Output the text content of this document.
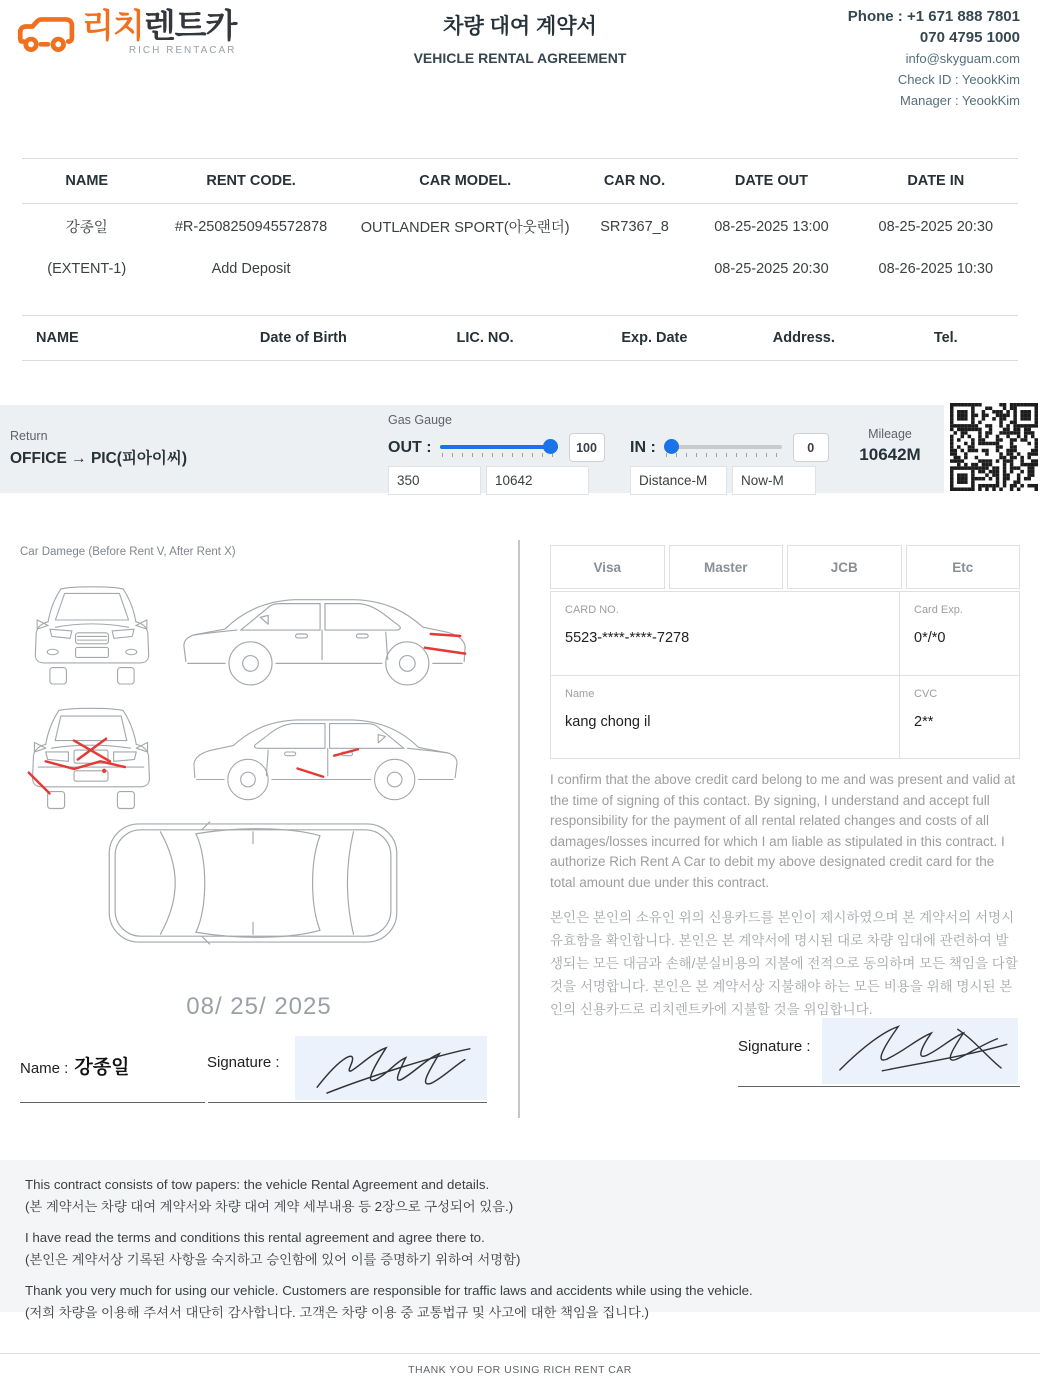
리치렌트카
RICH RENTACAR
차량 대여 계약서
VEHICLE RENTAL AGREEMENT
Phone : +1 671 888 7801
070 4795 1000
info@skyguam.com
Check ID : YeookKim
Manager : YeookKim
NAME	RENT CODE.	CAR MODEL.	CAR NO.	DATE OUT	DATE IN
강종일	#R-2508250945572878	OUTLANDER SPORT(아웃랜더)	SR7367_8	08-25-2025 13:00	08-25-2025 20:30
(EXTENT-1)	Add Deposit			08-25-2025 20:30	08-26-2025 10:30
NAME	Date of Birth	LIC. NO.	Exp. Date	Address.	Tel.

Return
OFFICE → PIC(피아이씨)
Gas Gauge
OUT :	100
350
10642	IN :	0
Distance-M
Now-M
Mileage
10642M
Car Damege (Before Rent V, After Rent X)
08/ 25/ 2025
Name : 강종일	Signature :
Visa	Master	JCB	Etc
CARD NO.
5523-****-****-7278
Card Exp.
0*/*0
Name
kang chong il
CVC
2**
I confirm that the above credit card belong to me and was present and valid at the time of signing of this contact. By signing, I understand and accept full responsibility for the payment of all rental related changes and costs of all damages/losses incurred for which I am liable as stipulated in this contract. I authorize Rich Rent A Car to debit my above designated credit card for the total amount due under this contract.
본인은 본인의 소유인 위의 신용카드를 본인이 제시하였으며 본 계약서의 서명시 유효함을 확인합니다. 본인은 본 계약서에 명시된 대로 차량 임대에 관련하여 발생되는 모든 대금과 손해/분실비용의 지불에 전적으로 동의하며 모든 책임을 다할 것을 서명합니다. 본인은 본 계약서상 지불해야 하는 모든 비용을 위해 명시된 본인의 신용카드로 리치렌트카에 지불할 것을 위임합니다.
Signature :
This contract consists of tow papers: the vehicle Rental Agreement and details.
(본 계약서는 차량 대여 계약서와 차량 대여 계약 세부내용 등 2장으로 구성되어 있음.)
I have read the terms and conditions this rental agreement and agree there to.
(본인은 계약서상 기록된 사항을 숙지하고 승인함에 있어 이를 증명하기 위하여 서명함)
Thank you very much for using our vehicle. Customers are responsible for traffic laws and accidents while using the vehicle.
(저희 차량을 이용해 주셔서 대단히 감사합니다. 고객은 차량 이용 중 교통법규 및 사고에 대한 책임을 집니다.)
THANK YOU FOR USING RICH RENT CAR
